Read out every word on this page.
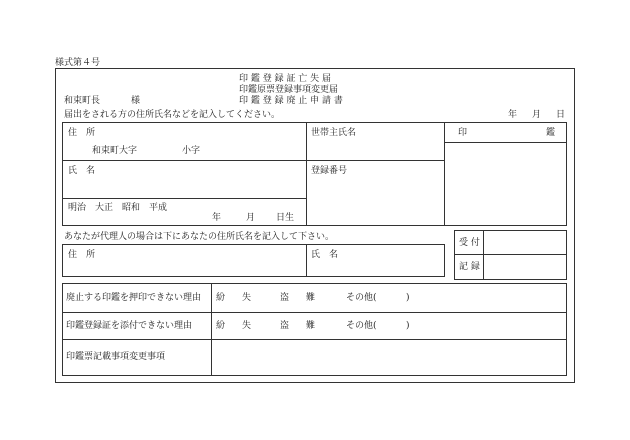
様式第４号
印 鑑 登 録 証 亡 失 届
印鑑原票登録事項変更届
印 鑑 登 録 廃 止 申 請 書
和束町長	様
届出をされる方の住所氏名などを記入してください。	年 月 日
住　所
和束町大字	小字
世帯主氏名	印	鑑
氏　名	登録番号
明治　大正　昭和　平成
年	月 日生
あなたが代理人の場合は下にあなたの住所氏名を記入して下さい。
住　所	氏　名
受 付
記 録
廃止する印鑑を押印できない理由 紛 失	盗 難	その他(	)
印鑑登録証を添付できない理由	紛 失	盗 難	その他(	)
印鑑票記載事項変更事項
